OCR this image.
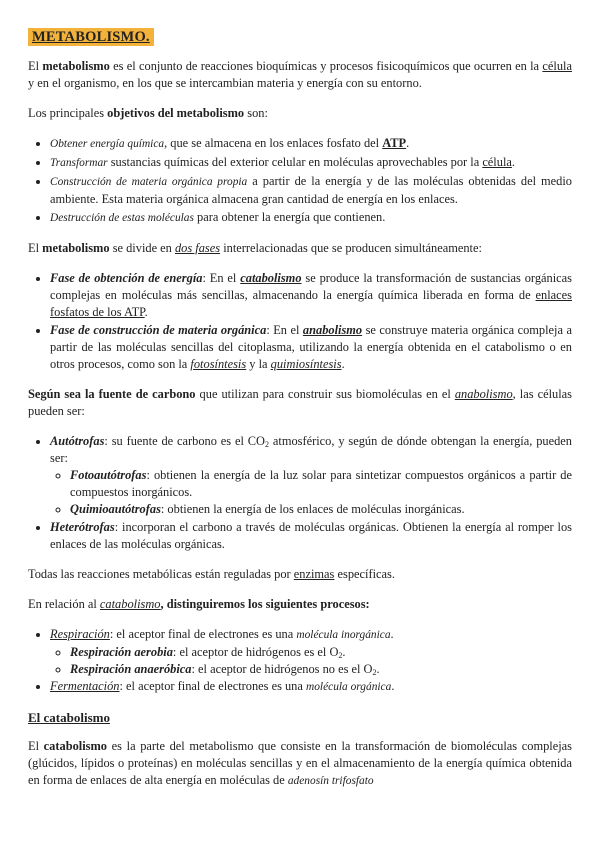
METABOLISMO.

El metabolismo es el conjunto de reacciones bioquímicas y procesos fisicoquímicos que ocurren en la célula y en el organismo, en los que se intercambian materia y energía con su entorno.

Los principales objetivos del metabolismo son:

• Obtener energía química, que se almacena en los enlaces fosfato del ATP.
• Transformar sustancias químicas del exterior celular en moléculas aprovechables por la célula.
• Construcción de materia orgánica propia a partir de la energía y de las moléculas obtenidas del medio ambiente. Esta materia orgánica almacena gran cantidad de energía en los enlaces.
• Destrucción de estas moléculas para obtener la energía que contienen.

El metabolismo se divide en dos fases interrelacionadas que se producen simultáneamente:

• Fase de obtención de energía: En el catabolismo se produce la transformación de sustancias orgánicas complejas en moléculas más sencillas, almacenando la energía química liberada en forma de enlaces fosfatos de los ATP.
• Fase de construcción de materia orgánica: En el anabolismo se construye materia orgánica compleja a partir de las moléculas sencillas del citoplasma, utilizando la energía obtenida en el catabolismo o en otros procesos, como son la fotosíntesis y la quimiosíntesis.

Según sea la fuente de carbono que utilizan para construir sus biomoléculas en el anabolismo, las células pueden ser:

• Autótrofas: su fuente de carbono es el $CO_2$ atmosférico, y según de dónde obtengan la energía, pueden ser:
◦ Fotoautótrofas: obtienen la energía de la luz solar para sintetizar compuestos orgánicos a partir de compuestos inorgánicos.
◦ Quimioautótrofas: obtienen la energía de los enlaces de moléculas inorgánicas.
• Heterótrofas: incorporan el carbono a través de moléculas orgánicas. Obtienen la energía al romper los enlaces de las moléculas orgánicas.

Todas las reacciones metabólicas están reguladas por enzimas específicas.

En relación al catabolismo, distinguiremos los siguientes procesos:

• Respiración: el aceptor final de electrones es una molécula inorgánica.
◦ Respiración aerobia: el aceptor de hidrógenos es el $O_2$.
◦ Respiración anaeróbica: el aceptor de hidrógenos no es el $O_2$.
• Fermentación: el aceptor final de electrones es una molécula orgánica.
El catabolismo

El catabolismo es la parte del metabolismo que consiste en la transformación de biomoléculas complejas (glúcidos, lípidos o proteínas) en moléculas sencillas y en el almacenamiento de la energía química obtenida en forma de enlaces de alta energía en moléculas de adenosín trifosfato
